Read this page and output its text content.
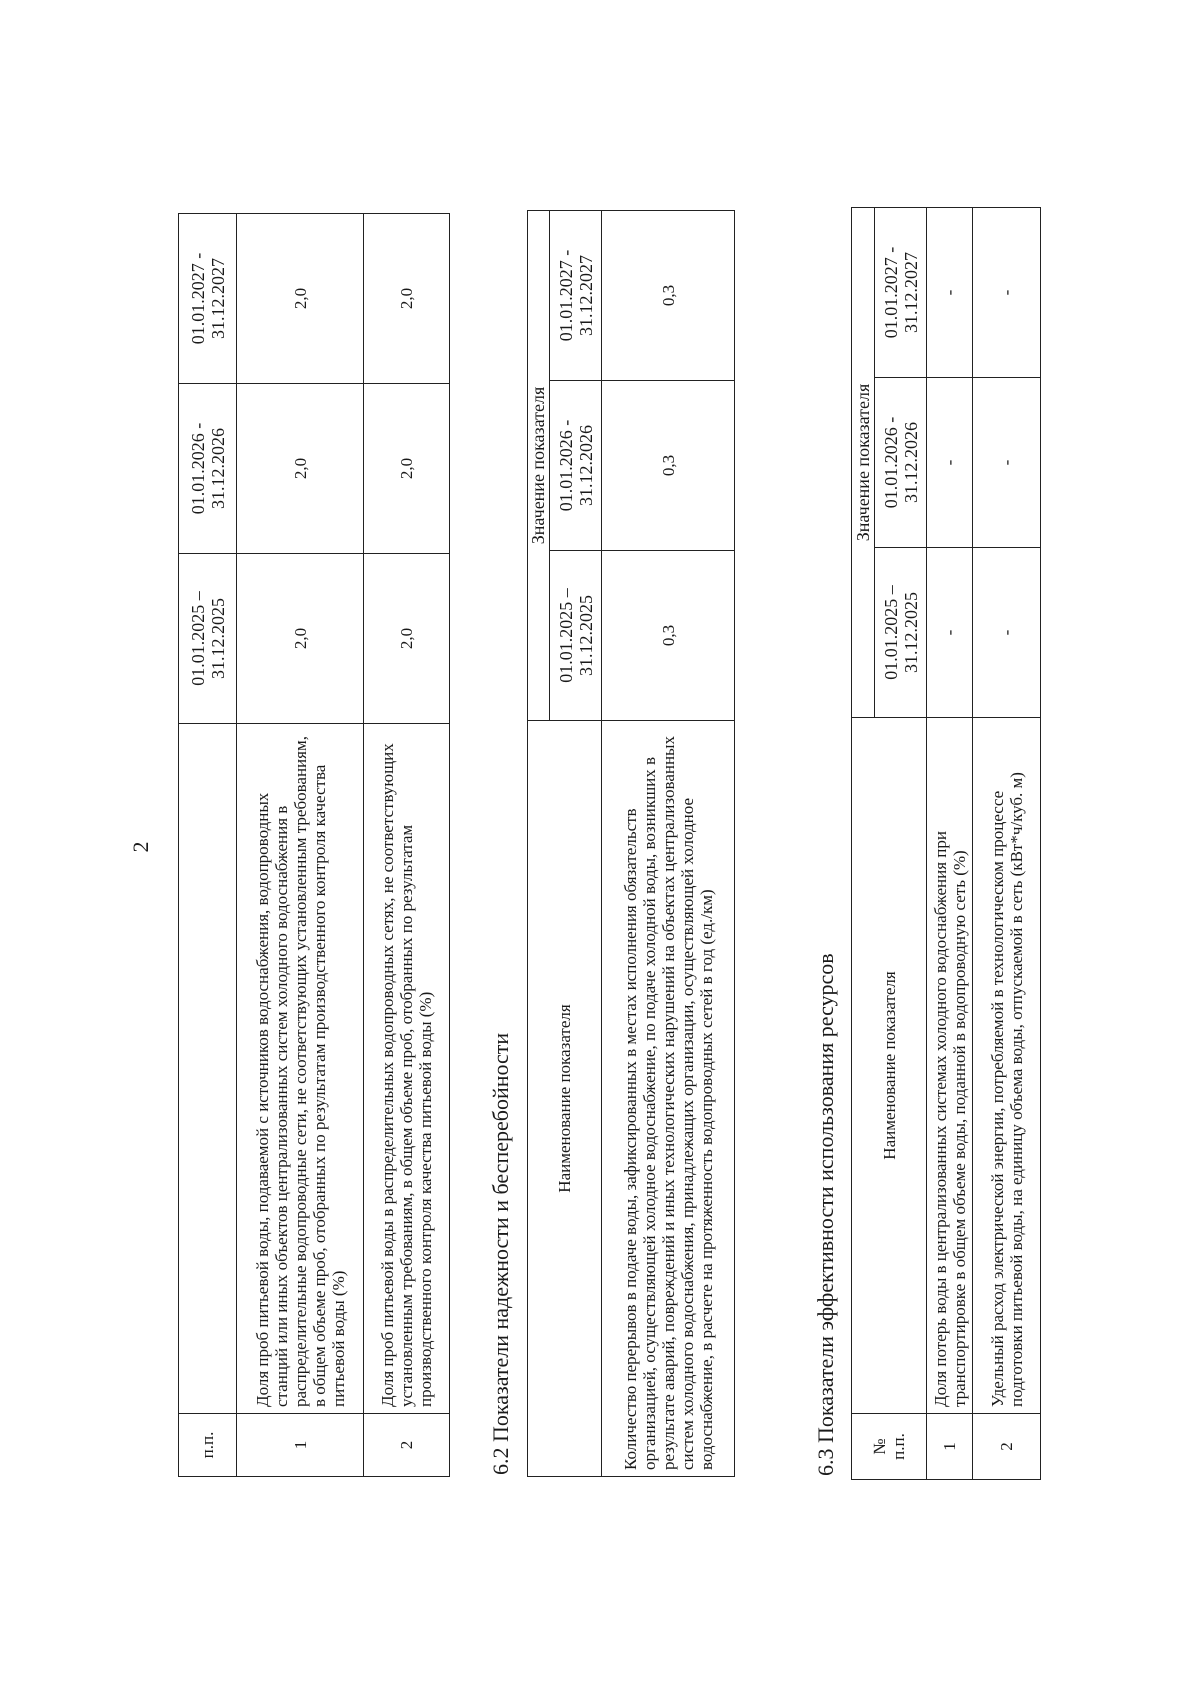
2
п.п.		01.01.2025 – 31.12.2025	01.01.2026 - 31.12.2026	01.01.2027 - 31.12.2027

1	Доля проб питьевой воды, подаваемой с источников водоснабжения, водопроводных станций или иных объектов централизованных систем холодного водоснабжения в распределительные водопроводные сети, не соответствующих установленным требованиям, в общем объеме проб, отобранных по результатам производственного контроля качества питьевой воды (%)	2,0	2,0	2,0
2	Доля проб питьевой воды в распределительных водопроводных сетях, не соответствующих установленным требованиям, в общем объеме проб, отобранных по результатам производственного контроля качества питьевой воды (%)	2,0	2,0	2,0
6.2 Показатели надежности и бесперебойности Наименование показателя	Значение показателя		

	01.01.2025 – 31.12.2025	01.01.2026 - 31.12.2026	01.01.2027 - 31.12.2027

Количество перерывов в подаче воды, зафиксированных в местах исполнения обязательств организацией, осуществляющей холодное водоснабжение, по подаче холодной воды, возникших в результате аварий, повреждений и иных технологических нарушений на объектах централизованных систем холодного водоснабжения, принадлежащих организации, осуществляющей холодное водоснабжение, в расчете на протяженность водопроводных сетей в год (ед./км)	0,3	0,3	0,3
6.3 Показатели эффективности использования ресурсов № п.п.	Наименование показателя	Значение показателя		

		01.01.2025 – 31.12.2025	01.01.2026 - 31.12.2026	01.01.2027 - 31.12.2027

1	Доля потерь воды в централизованных системах холодного водоснабжения при транспортировке в общем объеме воды, поданной в водопроводную сеть (%)	-	-	-
2	Удельный расход электрической энергии, потребляемой в технологическом процессе подготовки питьевой воды, на единицу объема воды, отпускаемой в сеть (кВт*ч/куб. м)	-	-	-
